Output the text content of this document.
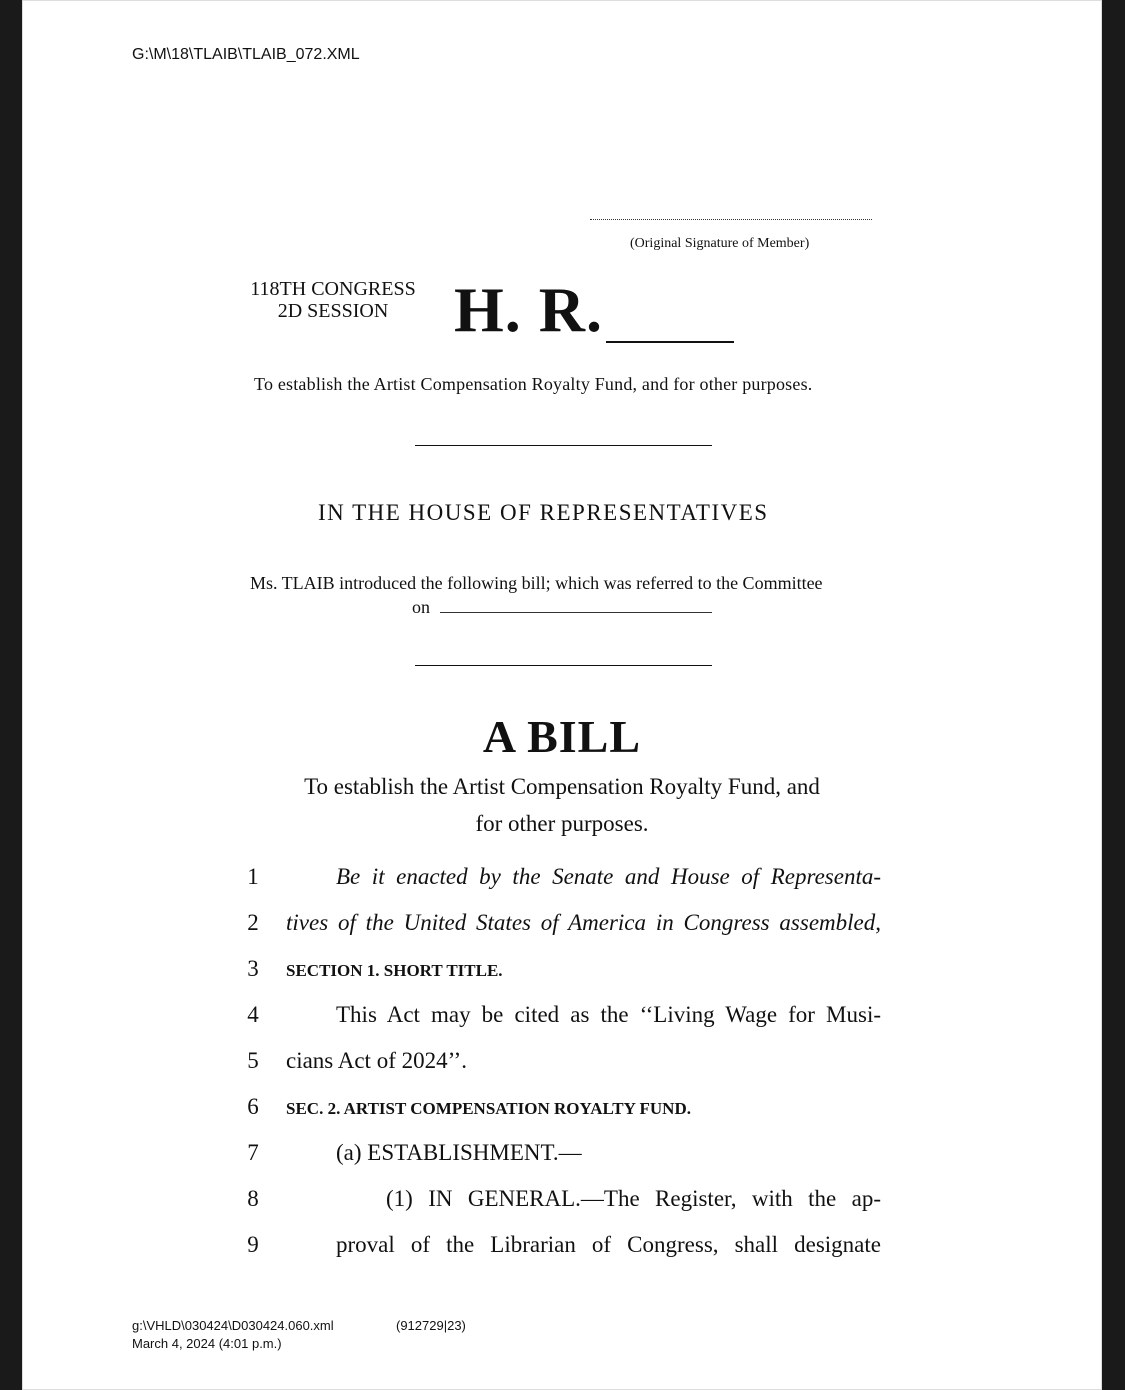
G:\M\18\TLAIB\TLAIB_072.XML
(Original Signature of Member)
118TH CONGRESS
2D SESSION	H. R.
To establish the Artist Compensation Royalty Fund, and for other purposes.
IN THE HOUSE OF REPRESENTATIVES
Ms. TLAIB introduced the following bill; which was referred to the Committee
on
A BILL
To establish the Artist Compensation Royalty Fund, and
for other purposes.
1	Be it enacted by the Senate and House of Representa-
2	tives of the United States of America in Congress assembled,
3	SECTION 1. SHORT TITLE.
4	This Act may be cited as the ‘‘Living Wage for Musi-
5	cians Act of 2024’’.
6	SEC. 2. ARTIST COMPENSATION ROYALTY FUND.
7	(a) ESTABLISHMENT.—
8	(1) IN GENERAL.—The Register, with the ap-
9	proval of the Librarian of Congress, shall designate
g:\VHLD\030424\D030424.060.xml	(912729|23)
March 4, 2024 (4:01 p.m.)
